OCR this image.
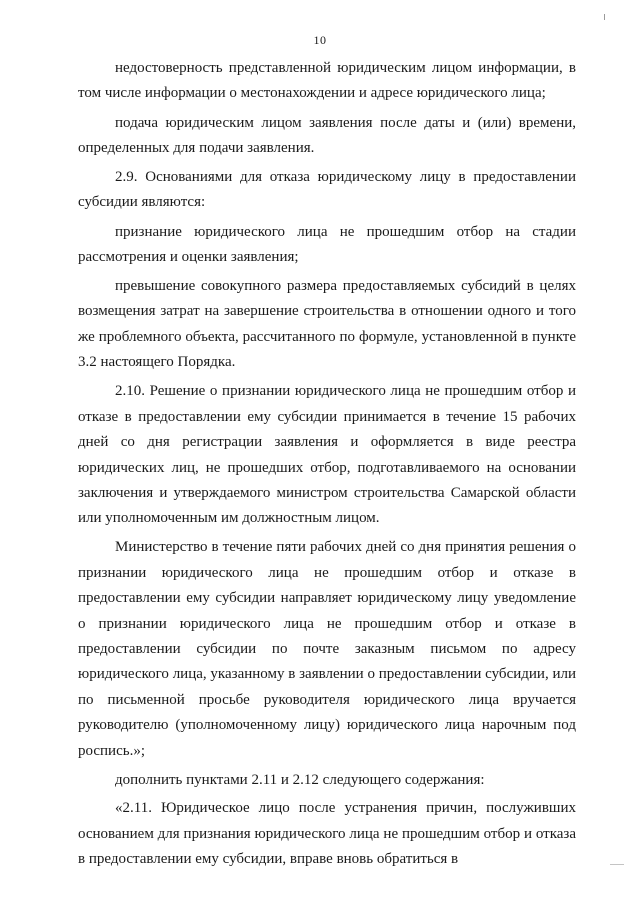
10

недостоверность представленной юридическим лицом информации, в том числе информации о местонахождении и адресе юридического лица;

подача юридическим лицом заявления после даты и (или) времени, определенных для подачи заявления.

2.9. Основаниями для отказа юридическому лицу в предоставлении субсидии являются:

признание юридического лица не прошедшим отбор на стадии рассмотрения и оценки заявления;

превышение совокупного размера предоставляемых субсидий в целях возмещения затрат на завершение строительства в отношении одного и того же проблемного объекта, рассчитанного по формуле, установленной в пункте 3.2 настоящего Порядка.

2.10. Решение о признании юридического лица не прошедшим отбор и отказе в предоставлении ему субсидии принимается в течение 15 рабочих дней со дня регистрации заявления и оформляется в виде реестра юридических лиц, не прошедших отбор, подготавливаемого на основании заключения и утверждаемого министром строительства Самарской области или уполномоченным им должностным лицом.

Министерство в течение пяти рабочих дней со дня принятия решения о признании юридического лица не прошедшим отбор и отказе в предоставлении ему субсидии направляет юридическому лицу уведомление о признании юридического лица не прошедшим отбор и отказе в предоставлении субсидии по почте заказным письмом по адресу юридического лица, указанному в заявлении о предоставлении субсидии, или по письменной просьбе руководителя юридического лица вручается руководителю (уполномоченному лицу) юридического лица нарочным под роспись.»;

дополнить пунктами 2.11 и 2.12 следующего содержания:

«2.11. Юридическое лицо после устранения причин, послуживших основанием для признания юридического лица не прошедшим отбор и отказа в предоставлении ему субсидии, вправе вновь обратиться в
